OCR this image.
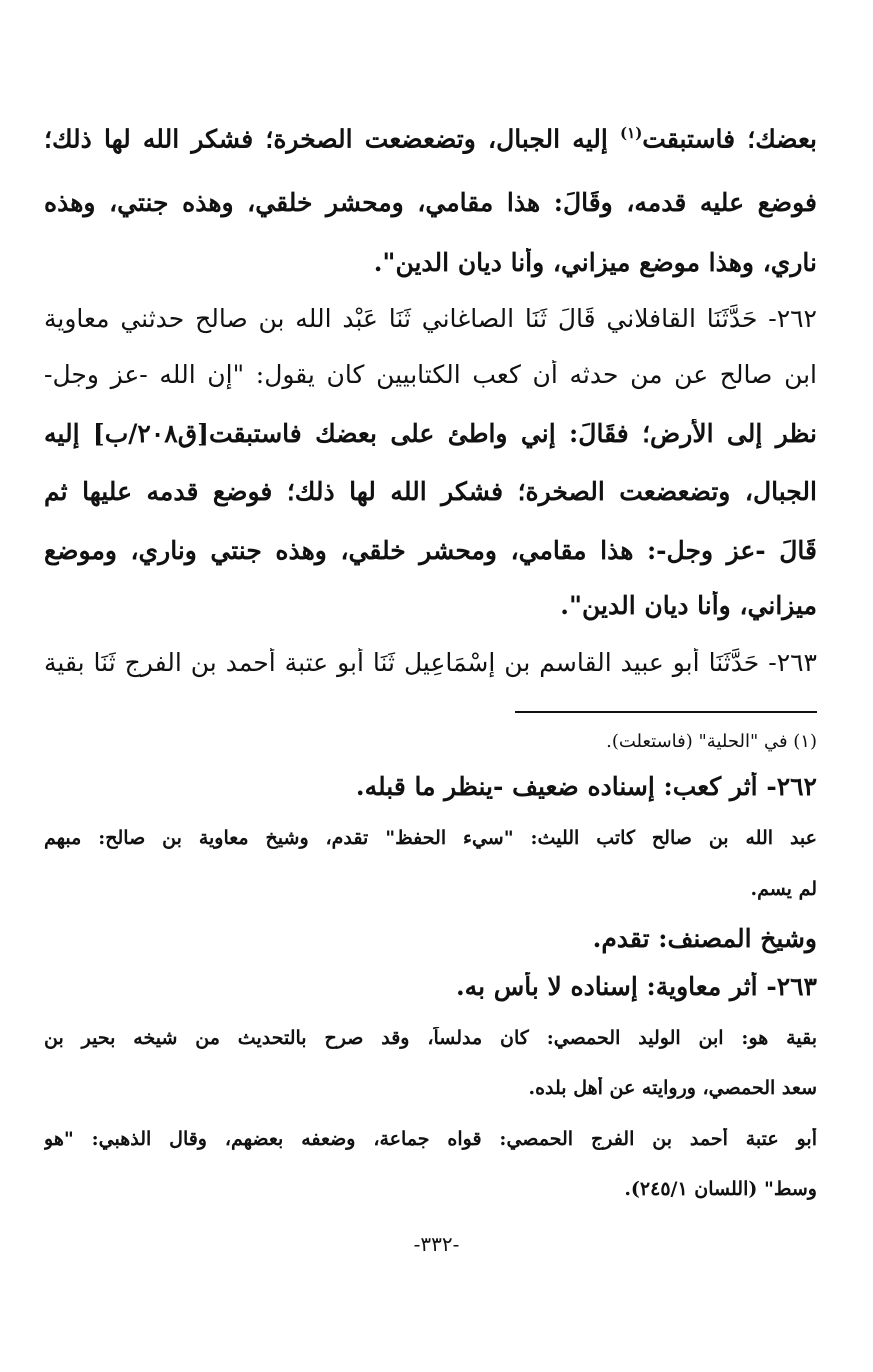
بعضك؛ فاستبقت$^{(١)}$ إليه الجبال، وتضعضعت الصخرة؛ فشكر الله لها ذلك؛
فوضع عليه قدمه، وقَالَ: هذا مقامي، ومحشر خلقي، وهذه جنتي، وهذه
ناري، وهذا موضع ميزاني، وأنا ديان الدين".
٢٦٢- حَدَّثَنَا القافلاني قَالَ ثَنَا الصاغاني ثَنَا عَبْد الله بن صالح حدثني معاوية
ابن صالح عن من حدثه أن كعب الكتابيين كان يقول: "إن الله -عز وجل-
نظر إلى الأرض؛ فقَالَ: إني واطئ على بعضك فاستبقت[ق٢٠٨/ب] إليه
الجبال، وتضعضعت الصخرة؛ فشكر الله لها ذلك؛ فوضع قدمه عليها ثم
قَالَ -عز وجل-: هذا مقامي، ومحشر خلقي، وهذه جنتي وناري، وموضع
ميزاني، وأنا ديان الدين".
٢٦٣- حَدَّثَنَا أَبو عبيد القاسم بن إسْمَاعِيل ثَنَا أَبو عتبة أحمد بن الفرج ثَنَا بقية
(١) في "الحلية" (فاستعلت).
٢٦٢- أثر كعب: إسناده ضعيف -ينظر ما قبله.
عبد الله بن صالح كاتب الليث: "سيء الحفظ" تقدم، وشيخ معاوية بن صالح: مبهم
لم يسم.
وشيخ المصنف: تقدم.
٢٦٣- أثر معاوية: إسناده لا بأس به.
بقية هو: ابن الوليد الحمصي: كان مدلساً، وقد صرح بالتحديث من شيخه بحير بن
سعد الحمصي، وروايته عن أهل بلده.
أبو عتبة أحمد بن الفرج الحمصي: قواه جماعة، وضعفه بعضهم، وقال الذهبي: "هو
وسط" (اللسان ٢٤٥/١).
-٣٣٢-
